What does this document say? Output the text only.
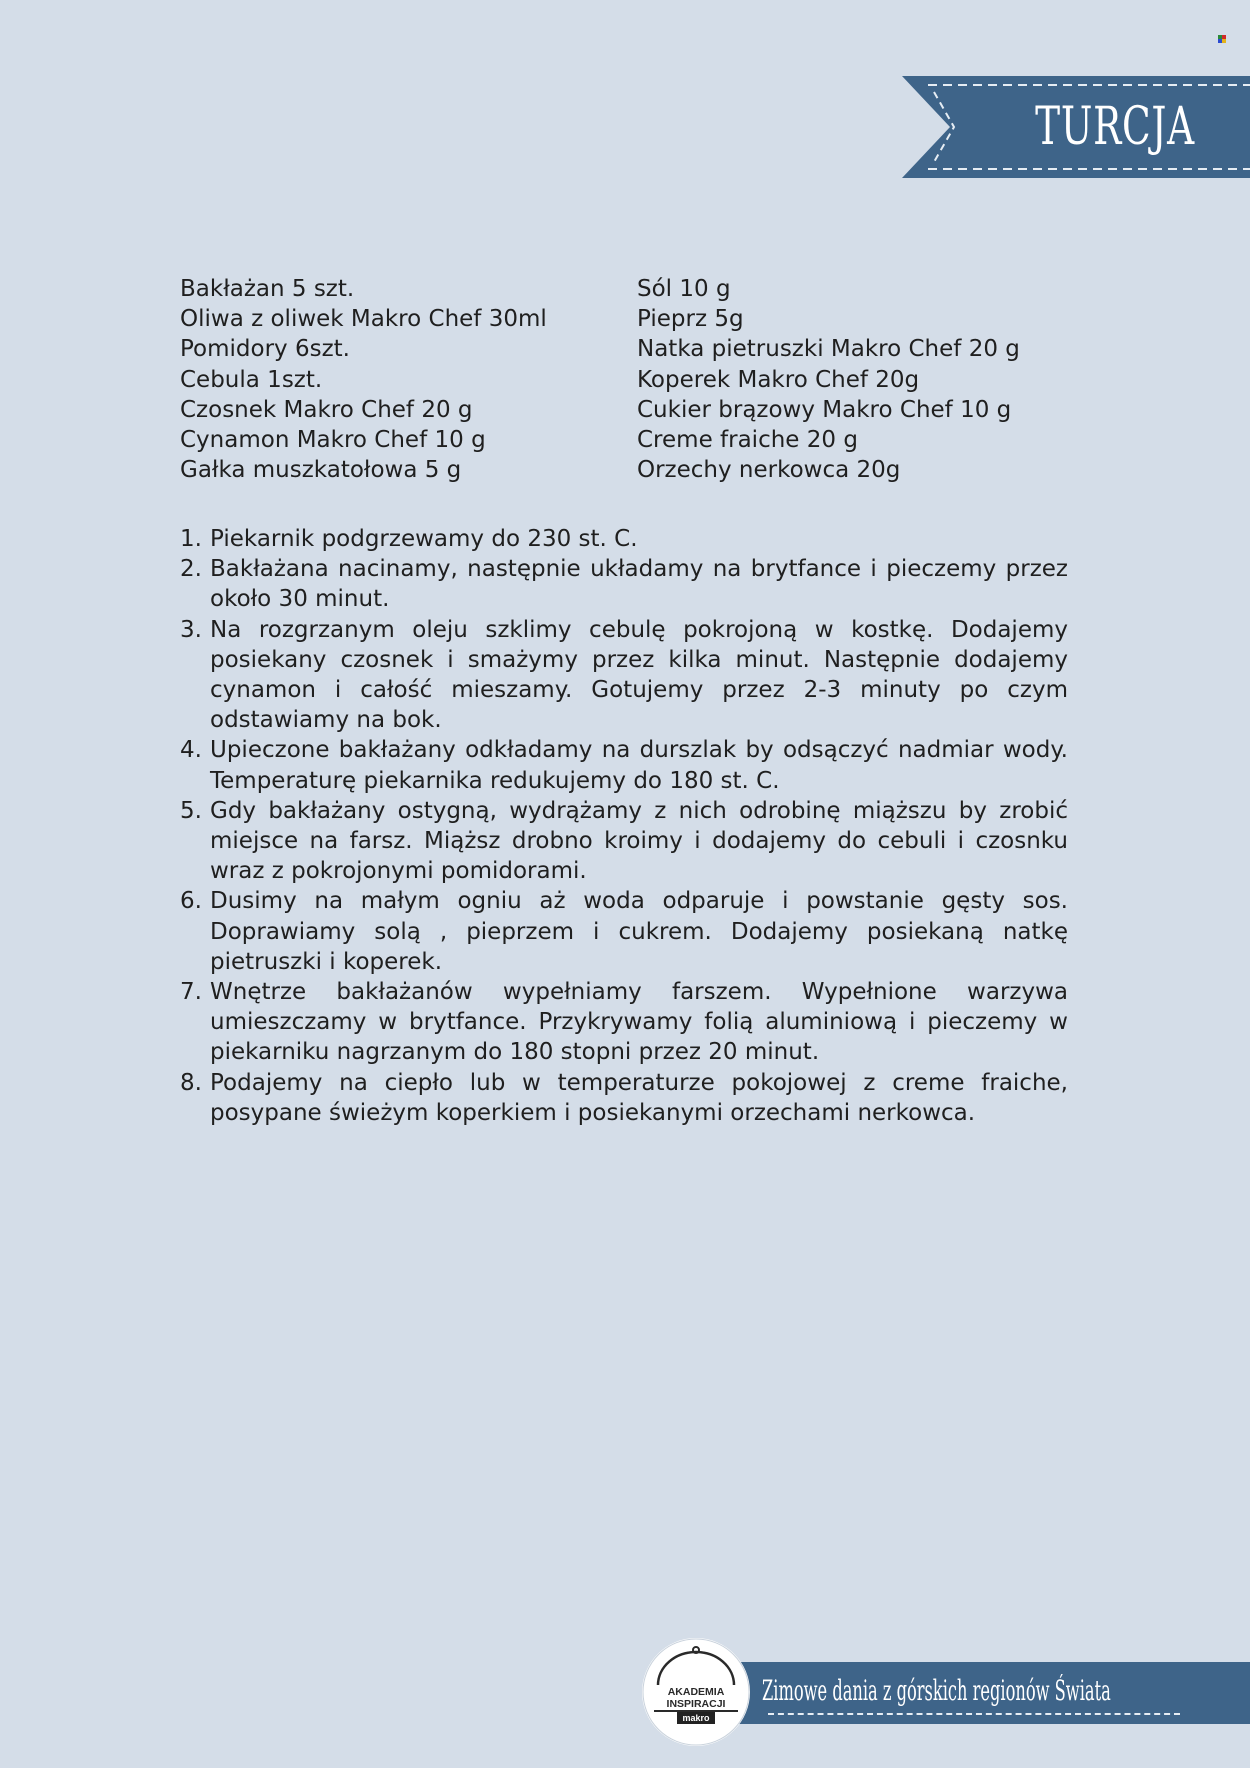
TURCJA
Bakłażan 5 szt.
Oliwa z oliwek Makro Chef 30ml
Pomidory 6szt.
Cebula 1szt.
Czosnek Makro Chef 20 g
Cynamon Makro Chef 10 g
Gałka muszkatołowa 5 g
Sól 10 g
Pieprz 5g
Natka pietruszki Makro Chef 20 g
Koperek Makro Chef 20g
Cukier brązowy Makro Chef 10 g
Creme fraiche 20 g
Orzechy nerkowca 20g
1. Piekarnik podgrzewamy do 230 st. C.
2. Bakłażana nacinamy, następnie układamy na brytfance i pieczemy przez około 30 minut.
3. Na rozgrzanym oleju szklimy cebulę pokrojoną w kostkę. Dodajemy posiekany czosnek i smażymy przez kilka minut. Następnie dodajemy cynamon i całość mieszamy. Gotujemy przez 2-3 minuty po czym odstawiamy na bok.
4. Upieczone bakłażany odkładamy na durszlak by odsączyć nadmiar wody. Temperaturę piekarnika redukujemy do 180 st. C.
5. Gdy bakłażany ostygną, wydrążamy z nich odrobinę miąższu by zrobić miejsce na farsz. Miąższ drobno kroimy i dodajemy do cebuli i czosnku wraz z pokrojonymi pomidorami.
6. Dusimy na małym ogniu aż woda odparuje i powstanie gęsty sos. Doprawiamy solą , pieprzem i cukrem. Dodajemy posiekaną natkę pietruszki i koperek.
7. Wnętrze bakłażanów wypełniamy farszem. Wypełnione warzywa umieszczamy w brytfance. Przykrywamy folią aluminiową i pieczemy w piekarniku nagrzanym do 180 stopni przez 20 minut.
8. Podajemy na ciepło lub w temperaturze pokojowej z creme fraiche, posypane świeżym koperkiem i posiekanymi orzechami nerkowca.
Zimowe dania z górskich regionów Świata
AKADEMIA
INSPIRACJI
makro
